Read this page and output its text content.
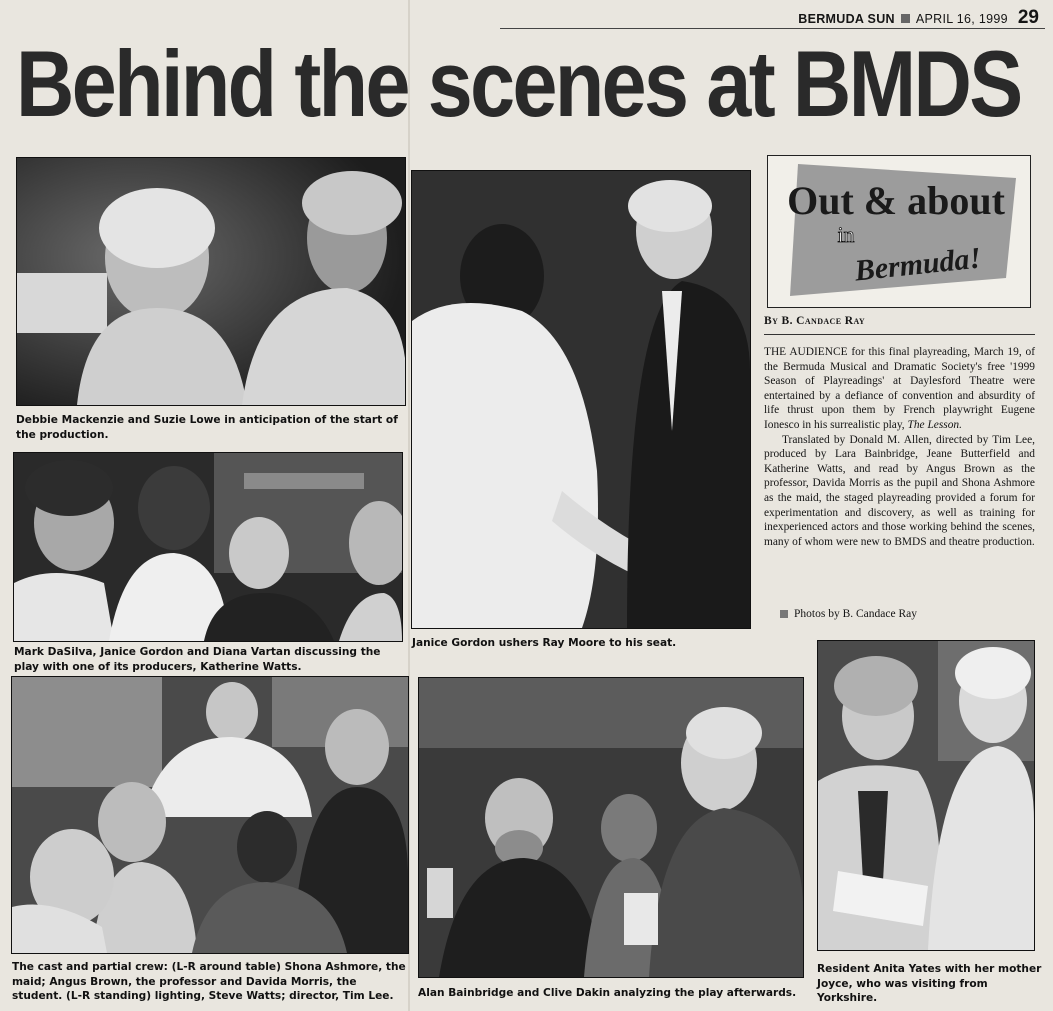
BERMUDA SUN APRIL 16, 1999 29
Behind the scenes at BMDS
Debbie Mackenzie and Suzie Lowe in anticipation of the start of the production.
Mark DaSilva, Janice Gordon and Diana Vartan discussing the play with one of its producers, Katherine Watts.
The cast and partial crew: (L-R around table) Shona Ashmore, the maid; Angus Brown, the professor and Davida Morris, the student. (L-R standing) lighting, Steve Watts; director, Tim Lee.
Janice Gordon ushers Ray Moore to his seat.
Out & about
in
Bermuda!
By B. Candace Ray

THE AUDIENCE for this final playreading, March 19, of the Bermuda Musical and Dramatic Society's free '1999 Season of Playreadings' at Daylesford Theatre were entertained by a defiance of convention and absurdity of life thrust upon them by French playwright Eugene Ionesco in his surrealistic play, The Lesson.

Translated by Donald M. Allen, directed by Tim Lee, produced by Lara Bainbridge, Jeane Butterfield and Katherine Watts, and read by Angus Brown as the professor, Davida Morris as the pupil and Shona Ashmore as the maid, the staged playreading provided a forum for experimentation and discovery, as well as training for inexperienced actors and those working behind the scenes, many of whom were new to BMDS and theatre production.

Photos by B. Candace Ray
Alan Bainbridge and Clive Dakin analyzing the play afterwards.
Resident Anita Yates with her mother Joyce, who was visiting from Yorkshire.
